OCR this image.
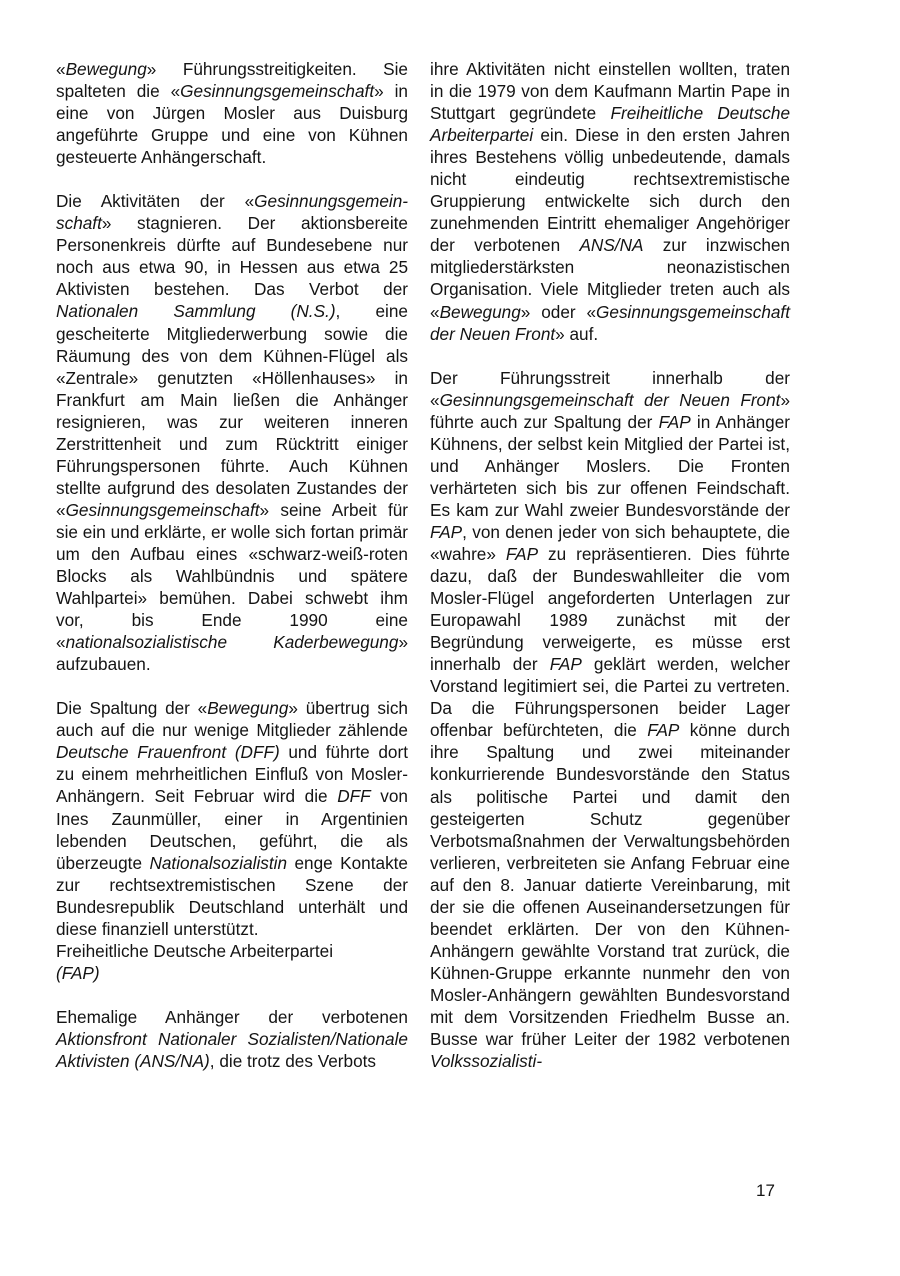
«Bewegung» Führungsstreitigkeiten. Sie spalteten die «Gesinnungsgemeinschaft» in eine von Jürgen Mosler aus Duisburg angeführte Gruppe und eine von Kühnen gesteuerte Anhängerschaft.

Die Aktivitäten der «Gesinnungsgemeinschaft» stagnieren. Der aktionsbereite Personenkreis dürfte auf Bundesebene nur noch aus etwa 90, in Hessen aus etwa 25 Aktivisten bestehen. Das Verbot der Nationalen Sammlung (N.S.), eine gescheiterte Mitgliederwerbung sowie die Räumung des von dem Kühnen-Flügel als «Zentrale» genutzten «Höllenhauses» in Frankfurt am Main ließen die Anhänger resignieren, was zur weiteren inneren Zerstrittenheit und zum Rücktritt einiger Führungspersonen führte. Auch Kühnen stellte aufgrund des desolaten Zustandes der «Gesinnungsgemeinschaft» seine Arbeit für sie ein und erklärte, er wolle sich fortan primär um den Aufbau eines «schwarz-weiß-roten Blocks als Wahlbündnis und spätere Wahlpartei» bemühen. Dabei schwebt ihm vor, bis Ende 1990 eine «nationalsozialistische Kaderbewegung» aufzubauen.

Die Spaltung der «Bewegung» übertrug sich auch auf die nur wenige Mitglieder zählende Deutsche Frauenfront (DFF) und führte dort zu einem mehrheitlichen Einfluß von Mosler-Anhängern. Seit Februar wird die DFF von Ines Zaunmüller, einer in Argentinien lebenden Deutschen, geführt, die als überzeugte Nationalsozialistin enge Kontakte zur rechtsextremistischen Szene der Bundesrepublik Deutschland unterhält und diese finanziell unterstützt.

Freiheitliche Deutsche Arbeiterpartei
(FAP)

Ehemalige Anhänger der verbotenen Aktionsfront Nationaler Sozialisten/Nationale Aktivisten (ANS/NA), die trotz des Verbots

ihre Aktivitäten nicht einstellen wollten, traten in die 1979 von dem Kaufmann Martin Pape in Stuttgart gegründete Freiheitliche Deutsche Arbeiterpartei ein. Diese in den ersten Jahren ihres Bestehens völlig unbedeutende, damals nicht eindeutig rechtsextremistische Gruppierung entwickelte sich durch den zunehmenden Eintritt ehemaliger Angehöriger der verbotenen ANS/NA zur inzwischen mitgliederstärksten neonazistischen Organisation. Viele Mitglieder treten auch als «Bewegung» oder «Gesinnungsgemeinschaft der Neuen Front» auf.

Der Führungsstreit innerhalb der «Gesinnungsgemeinschaft der Neuen Front» führte auch zur Spaltung der FAP in Anhänger Kühnens, der selbst kein Mitglied der Partei ist, und Anhänger Moslers. Die Fronten verhärteten sich bis zur offenen Feindschaft. Es kam zur Wahl zweier Bundesvorstände der FAP, von denen jeder von sich behauptete, die «wahre» FAP zu repräsentieren. Dies führte dazu, daß der Bundeswahlleiter die vom Mosler-Flügel angeforderten Unterlagen zur Europawahl 1989 zunächst mit der Begründung verweigerte, es müsse erst innerhalb der FAP geklärt werden, welcher Vorstand legitimiert sei, die Partei zu vertreten. Da die Führungspersonen beider Lager offenbar befürchteten, die FAP könne durch ihre Spaltung und zwei miteinander konkurrierende Bundesvorstände den Status als politische Partei und damit den gesteigerten Schutz gegenüber Verbotsmaßnahmen der Verwaltungsbehörden verlieren, verbreiteten sie Anfang Februar eine auf den 8. Januar datierte Vereinbarung, mit der sie die offenen Auseinandersetzungen für beendet erklärten. Der von den Kühnen-Anhängern gewählte Vorstand trat zurück, die Kühnen-Gruppe erkannte nunmehr den von Mosler-Anhängern gewählten Bundesvorstand mit dem Vorsitzenden Friedhelm Busse an. Busse war früher Leiter der 1982 verbotenen Volkssozialisti-

17
